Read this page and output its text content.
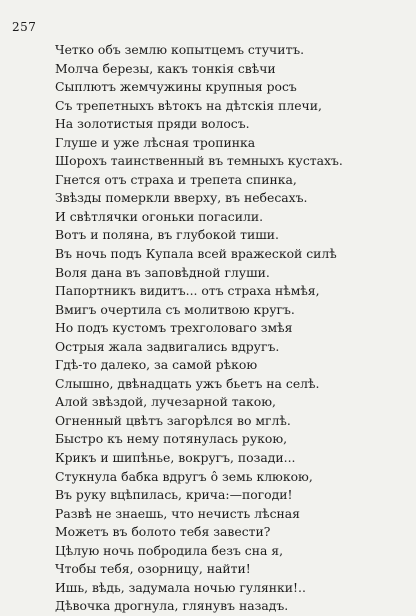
257
Четко объ землю копытцемъ стучитъ.
Молча березы, какъ тонкія свѣчи
Сыплютъ жемчужины крупныя росъ
Съ трепетныхъ вѣтокъ на дѣтскія плечи,
На золотистыя пряди волосъ.
Глуше и уже лѣсная тропинка
Шорохъ таинственный въ темныхъ кустахъ.
Гнется отъ страха и трепета спинка,
Звѣзды померкли вверху, въ небесахъ.
И свѣтлячки огоньки погасили.
Вотъ и поляна, въ глубокой тиши.
Въ ночь подъ Купала всей вражеской силѣ
Воля дана въ заповѣдной глуши.
Папортникъ видитъ... отъ страха нѣмѣя,
Вмигъ очертила съ молитвою кругъ.
Но подъ кустомъ трехголоваго змѣя
Острыя жала задвигались вдругъ.
Гдѣ-то далеко, за самой рѣкою
Слышно, двѣнадцать ужъ бьетъ на селѣ.
Алой звѣздой, лучезарной такою,
Огненный цвѣтъ загорѣлся во мглѣ.
Быстро къ нему потянулась рукою,
Крикъ и шипѣнье, вокругъ, позади...
Стукнула бабка вдругъ ô земь клюкою,
Въ руку вцѣпилась, крича:—погоди!
Развѣ не знаешь, что нечисть лѣсная
Можетъ въ болото тебя завести?
Цѣлую ночь побродила безъ сна я,
Чтобы тебя, озорницу, найти!
Ишь, вѣдь, задумала ночью гулянки!..
Дѣвочка дрогнула, глянувъ назадъ.
